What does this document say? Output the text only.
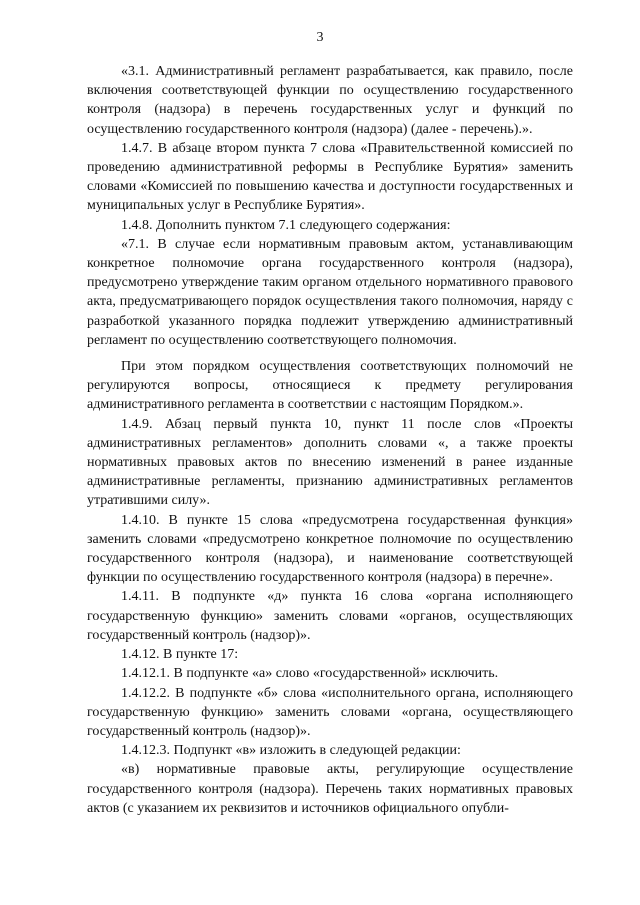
3

«3.1. Административный регламент разрабатывается, как правило, после включения соответствующей функции по осуществлению государственного контроля (надзора) в перечень государственных услуг и функций по осуществлению государственного контроля (надзора) (далее - перечень).».

1.4.7. В абзаце втором пункта 7 слова «Правительственной комиссией по проведению административной реформы в Республике Бурятия» заменить словами «Комиссией по повышению качества и доступности государственных и муниципальных услуг в Республике Бурятия».

1.4.8. Дополнить пунктом 7.1 следующего содержания:

«7.1. В случае если нормативным правовым актом, устанавливающим конкретное полномочие органа государственного контроля (надзора), предусмотрено утверждение таким органом отдельного нормативного правового акта, предусматривающего порядок осуществления такого полномочия, наряду с разработкой указанного порядка подлежит утверждению административный регламент по осуществлению соответствующего полномочия.

При этом порядком осуществления соответствующих полномочий не регулируются вопросы, относящиеся к предмету регулирования административного регламента в соответствии с настоящим Порядком.».

1.4.9. Абзац первый пункта 10, пункт 11 после слов «Проекты административных регламентов» дополнить словами «, а также проекты нормативных правовых актов по внесению изменений в ранее изданные административные регламенты, признанию административных регламентов утратившими силу».

1.4.10. В пункте 15 слова «предусмотрена государственная функция» заменить словами «предусмотрено конкретное полномочие по осуществлению государственного контроля (надзора), и наименование соответствующей функции по осуществлению государственного контроля (надзора) в перечне».

1.4.11. В подпункте «д» пункта 16 слова «органа исполняющего государственную функцию» заменить словами «органов, осуществляющих государственный контроль (надзор)».

1.4.12. В пункте 17:

1.4.12.1. В подпункте «а» слово «государственной» исключить.

1.4.12.2. В подпункте «б» слова «исполнительного органа, исполняющего государственную функцию» заменить словами «органа, осуществляющего государственный контроль (надзор)».

1.4.12.3. Подпункт «в» изложить в следующей редакции:

«в) нормативные правовые акты, регулирующие осуществление государственного контроля (надзора). Перечень таких нормативных правовых актов (с указанием их реквизитов и источников официального опубли-
